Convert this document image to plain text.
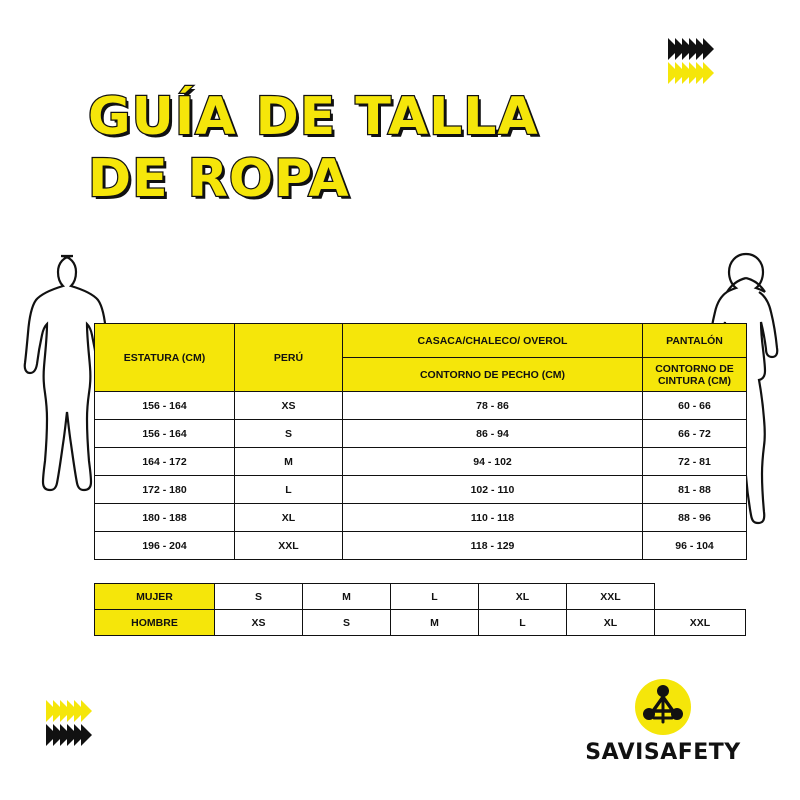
GUÍA DE TALLA
DE ROPA
ESTATURA (CM)	PERÚ	CASACA/CHALECO/ OVEROL	PANTALÓN
		CONTORNO DE PECHO (CM)	CONTORNO DE CINTURA (CM)
156 - 164	XS	78 - 86	60 - 66
156 - 164	S	86 - 94	66 - 72
164 - 172	M	94 - 102	72 - 81
172 - 180	L	102 - 110	81 - 88
180 - 188	XL	110 - 118	88 - 96
196 - 204	XXL	118 - 129	96 - 104
MUJER	S	M	L	XL	XXL	
HOMBRE	XS	S	M	L	XL	XXL
SAVISAFETY
